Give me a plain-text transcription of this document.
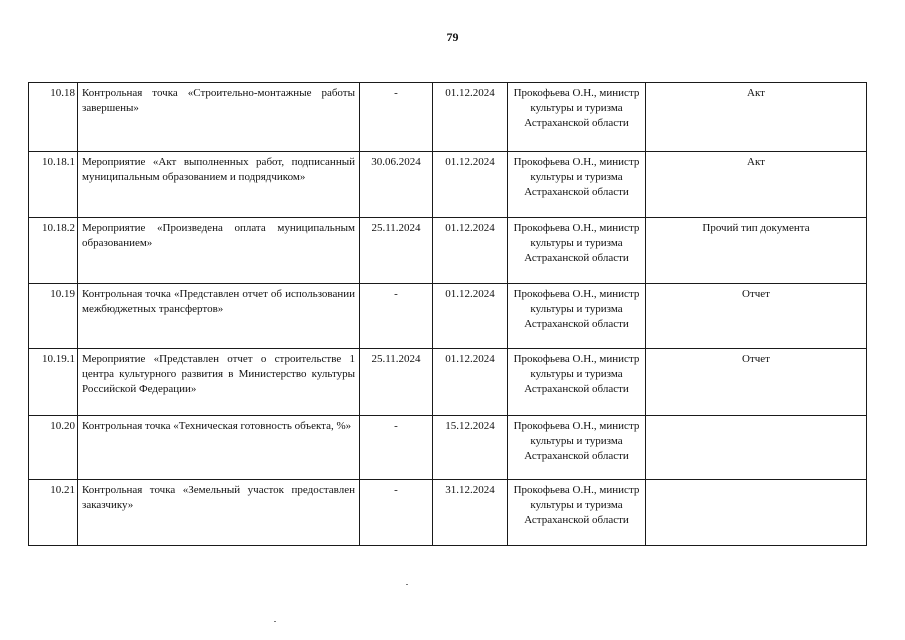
79
10.18	Контрольная точка «Строительно-монтажные работы завершены»	-	01.12.2024	Прокофьева О.Н., министр культуры и туризма Астраханской области	Акт
10.18.1	Мероприятие «Акт выполненных работ, подписанный муниципальным образованием и подрядчиком»	30.06.2024	01.12.2024	Прокофьева О.Н., министр культуры и туризма Астраханской области	Акт
10.18.2	Мероприятие «Произведена оплата муниципальным образованием»	25.11.2024	01.12.2024	Прокофьева О.Н., министр культуры и туризма Астраханской области	Прочий тип документа
10.19	Контрольная точка «Представлен отчет об использовании межбюджетных трансфертов»	-	01.12.2024	Прокофьева О.Н., министр культуры и туризма Астраханской области	Отчет
10.19.1	Мероприятие «Представлен отчет о строительстве 1 центра культурного развития в Министерство культуры Российской Федерации»	25.11.2024	01.12.2024	Прокофьева О.Н., министр культуры и туризма Астраханской области	Отчет
10.20	Контрольная точка «Техническая готовность объекта, %»	-	15.12.2024	Прокофьева О.Н., министр культуры и туризма Астраханской области	
10.21	Контрольная точка «Земельный участок предоставлен заказчику»	-	31.12.2024	Прокофьева О.Н., министр культуры и туризма Астраханской области	
